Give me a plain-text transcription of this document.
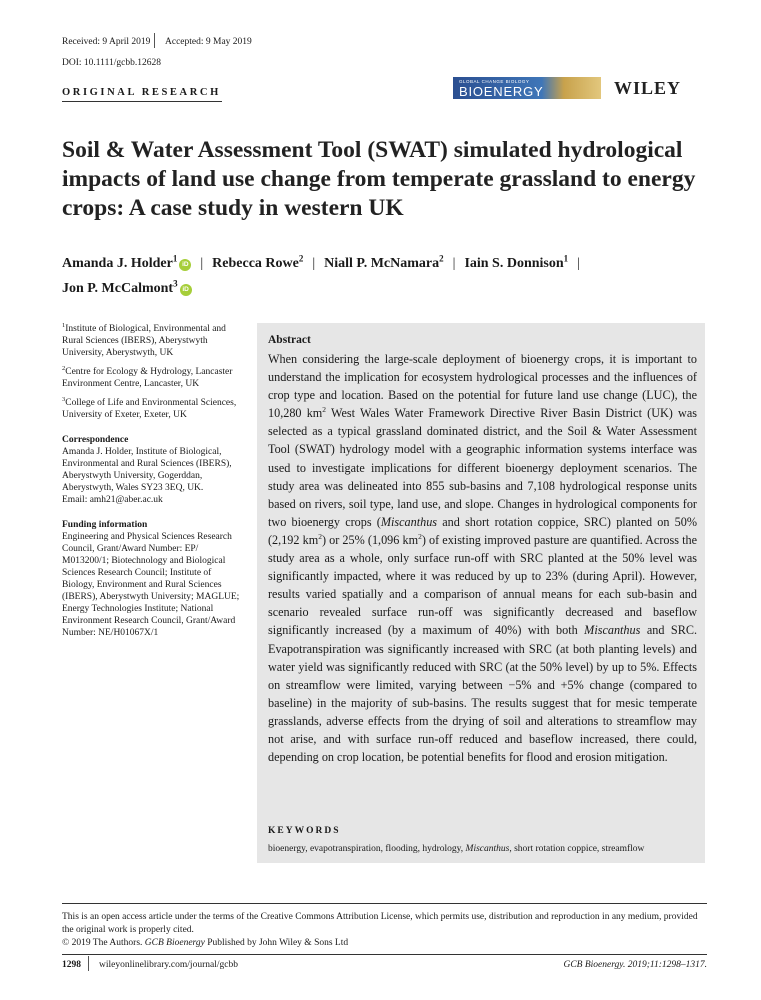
Received: 9 April 2019 Accepted: 9 May 2019
DOI: 10.1111/gcbb.12628
ORIGINAL RESEARCH
GLOBAL CHANGE BIOLOGY
BIOENERGY	WILEY
Soil & Water Assessment Tool (SWAT) simulated hydrological impacts of land use change from temperate grassland to energy crops: A case study in western UK
Amanda J. Holder$^1$iD | Rebecca Rowe$^2$ | Niall P. McNamara$^2$ | Iain S. Donnison$^1$ |
Jon P. McCalmont$^3$iD
$^1$Institute of Biological, Environmental and Rural Sciences (IBERS), Aberystwyth University, Aberystwyth, UK
$^2$Centre for Ecology & Hydrology, Lancaster Environment Centre, Lancaster, UK
$^3$College of Life and Environmental Sciences, University of Exeter, Exeter, UK
Correspondence
Amanda J. Holder, Institute of Biological, Environmental and Rural Sciences (IBERS), Aberystwyth University, Gogerddan, Aberystwyth, Wales SY23 3EQ, UK.
Email: amh21@aber.ac.uk
Funding information
Engineering and Physical Sciences Research Council, Grant/Award Number: EP/ M013200/1; Biotechnology and Biological Sciences Research Council; Institute of Biology, Environment and Rural Sciences (IBERS), Aberystwyth University; MAGLUE; Energy Technologies Institute; National Environment Research Council, Grant/Award Number: NE/H01067X/1
Abstract
When considering the large-scale deployment of bioenergy crops, it is important to understand the implication for ecosystem hydrological processes and the influences of crop type and location. Based on the potential for future land use change (LUC), the 10,280 $km^2$ West Wales Water Framework Directive River Basin District (UK) was selected as a typical grassland dominated district, and the Soil & Water Assessment Tool (SWAT) hydrology model with a geographic information systems interface was used to investigate implications for different bioenergy deployment scenarios. The study area was delineated into 855 sub-basins and 7,108 hydrological response units based on rivers, soil type, land use, and slope. Changes in hydrological components for two bioenergy crops (Miscanthus and short rotation coppice, SRC) planted on 50% (2,192 $km^2$) or 25% (1,096 $km^2$) of existing improved pasture are quantified. Across the study area as a whole, only surface run-off with SRC planted at the 50% level was significantly impacted, where it was reduced by up to 23% (during April). However, results varied spatially and a comparison of annual means for each sub-basin and scenario revealed surface run-off was significantly decreased and baseflow significantly increased (by a maximum of 40%) with both Miscanthus and SRC. Evapotranspiration was significantly increased with SRC (at both planting levels) and water yield was significantly reduced with SRC (at the 50% level) by up to 5%. Effects on streamflow were limited, varying between −5% and +5% change (compared to baseline) in the majority of sub-basins. The results suggest that for mesic temperate grasslands, adverse effects from the drying of soil and alterations to streamflow may not arise, and with surface run-off reduced and baseflow increased, there could, depending on crop location, be potential benefits for flood and erosion mitigation.
KEYWORDS
bioenergy, evapotranspiration, flooding, hydrology, Miscanthus, short rotation coppice, streamflow
This is an open access article under the terms of the Creative Commons Attribution License, which permits use, distribution and reproduction in any medium, provided the original work is properly cited.
© 2019 The Authors. GCB Bioenergy Published by John Wiley & Sons Ltd
1298 wileyonlinelibrary.com/journal/gcbb	GCB Bioenergy. 2019;11:1298–1317.
